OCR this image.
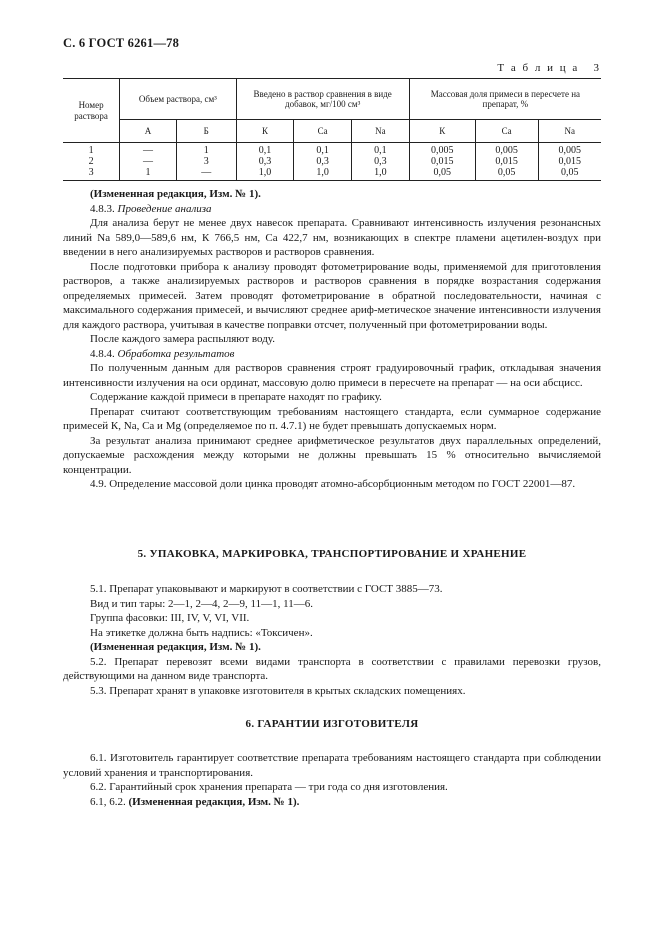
С. 6 ГОСТ 6261—78
Т а б л и ц а   3
Номер раствора	Объем раствора, см³		Введено в раствор сравнения в виде добавок, мг/100 см³			Массовая доля примеси в пересчете на препарат, %		
	А	Б	К	Са	Na	К	Са	Na
1	—	1	0,1	0,1	0,1	0,005	0,005	0,005
2	—	3	0,3	0,3	0,3	0,015	0,015	0,015
3	1	—	1,0	1,0	1,0	0,05	0,05	0,05

(Измененная редакция, Изм. № 1).

4.8.3. Проведение анализа

Для анализа берут не менее двух навесок препарата. Сравнивают интенсивность излучения резонансных линий Na 589,0—589,6 нм, К 766,5 нм, Са 422,7 нм, возникающих в спектре пламени ацетилен-воздух при введении в него анализируемых растворов и растворов сравнения.

После подготовки прибора к анализу проводят фотометрирование воды, применяемой для приготовления растворов, а также анализируемых растворов и растворов сравнения в порядке возрастания содержания определяемых примесей. Затем проводят фотометрирование в обратной последовательности, начиная с максимального содержания примесей, и вычисляют среднее ариф-метическое значение интенсивности излучения для каждого раствора, учитывая в качестве поправки отсчет, полученный при фотометрировании воды.

После каждого замера распыляют воду.

4.8.4. Обработка результатов

По полученным данным для растворов сравнения строят градуировочный график, откладывая значения интенсивности излучения на оси ординат, массовую долю примеси в пересчете на препарат — на оси абсцисс.

Содержание каждой примеси в препарате находят по графику.

Препарат считают соответствующим требованиям настоящего стандарта, если суммарное содержание примесей К, Na, Са и Mg (определяемое по п. 4.7.1) не будет превышать допускаемых норм.

За результат анализа принимают среднее арифметическое результатов двух параллельных определений, допускаемые расхождения между которыми не должны превышать 15 % относительно вычисляемой концентрации.

4.9. Определение массовой доли цинка проводят атомно-абсорбционным методом по ГОСТ 22001—87.

5. УПАКОВКА, МАРКИРОВКА, ТРАНСПОРТИРОВАНИЕ И ХРАНЕНИЕ

5.1. Препарат упаковывают и маркируют в соответствии с ГОСТ 3885—73.

Вид и тип тары: 2—1, 2—4, 2—9, 11—1, 11—6.

Группа фасовки: III, IV, V, VI, VII.

На этикетке должна быть надпись: «Токсичен».

(Измененная редакция, Изм. № 1).

5.2. Препарат перевозят всеми видами транспорта в соответствии с правилами перевозки грузов, действующими на данном виде транспорта.

5.3. Препарат хранят в упаковке изготовителя в крытых складских помещениях.

6. ГАРАНТИИ ИЗГОТОВИТЕЛЯ

6.1. Изготовитель гарантирует соответствие препарата требованиям настоящего стандарта при соблюдении условий хранения и транспортирования.

6.2. Гарантийный срок хранения препарата — три года со дня изготовления.

6.1, 6.2. (Измененная редакция, Изм. № 1).
